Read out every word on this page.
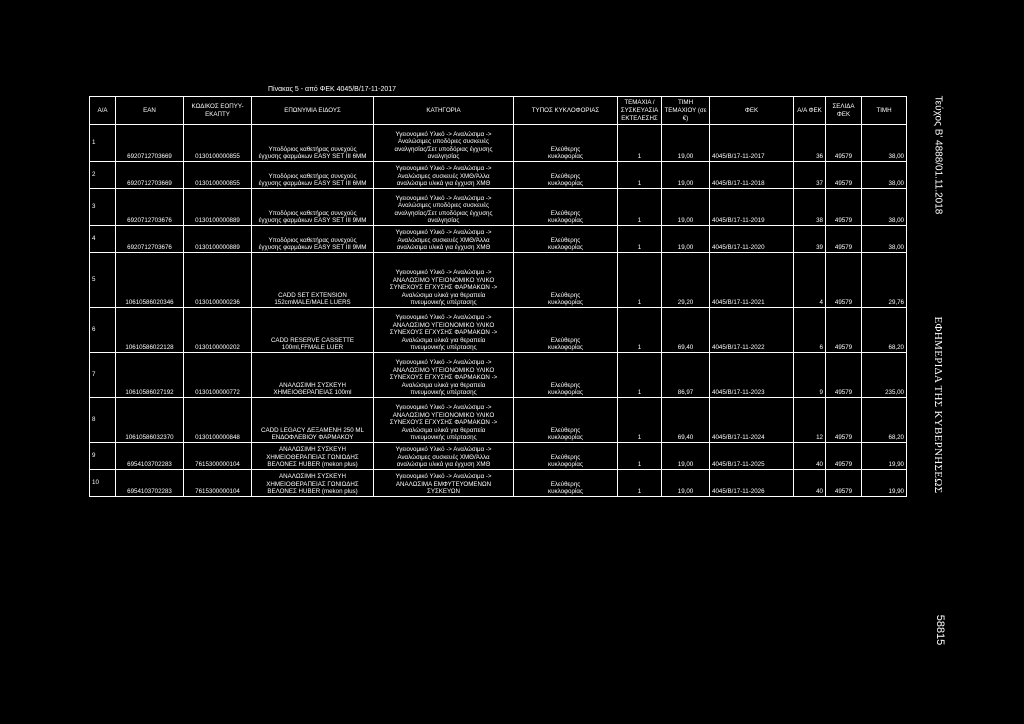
Πίνακας 5 - από ΦΕΚ 4045/Β/17-11-2017
Α/Α	EAN	ΚΩΔΙΚΟΣ ΕΟΠΥΥ-ΕΚΑΠΤΥ	ΕΠΩΝΥΜΙΑ ΕΙΔΟΥΣ	ΚΑΤΗΓΟΡΙΑ	ΤΥΠΟΣ ΚΥΚΛΟΦΟΡΙΑΣ	ΤΕΜΑΧΙΑ / ΣΥΣΚΕΥΑΣΙΑ ΕΚΤΕΛΕΣΗΣ	ΤΙΜΗ ΤΕΜΑΧΙΟΥ (σε €)	ΦΕΚ	Α/Α ΦΕΚ	ΣΕΛΙΔΑ ΦΕΚ	ΤΙΜΗ
1	6920712703669	0130100000855	Υποδόριος καθετήρας συνεχούς
έγχυσης φαρμάκων EASY SET III 6MM	Υγειονομικό Υλικό -> Αναλώσιμα ->
Αναλώσιμες υποδόριες συσκευές
αναλγησίας/Σετ υποδόριας έγχυσης
αναλγησίας	Ελεύθερης
κυκλοφορίας	1	19,00	4045/Β/17-11-2017	36	49579	38,00
2	6920712703669	0130100000855	Υποδόριος καθετήρας συνεχούς
έγχυσης φαρμάκων EASY SET III 6MM	Υγειονομικό Υλικό -> Αναλώσιμα ->
Αναλώσιμες συσκευές ΧΜΘ/Άλλα
αναλώσιμα υλικά για έγχυση ΧΜΘ	Ελεύθερης
κυκλοφορίας	1	19,00	4045/Β/17-11-2018	37	49579	38,00
3	6920712703676	0130100000889	Υποδόριος καθετήρας συνεχούς
έγχυσης φαρμάκων EASY SET III 9MM	Υγειονομικό Υλικό -> Αναλώσιμα ->
Αναλώσιμες υποδόριες συσκευές
αναλγησίας/Σετ υποδόριας έγχυσης
αναλγησίας	Ελεύθερης
κυκλοφορίας	1	19,00	4045/Β/17-11-2019	38	49579	38,00
4	6920712703676	0130100000889	Υποδόριος καθετήρας συνεχούς
έγχυσης φαρμάκων EASY SET III 9MM	Υγειονομικό Υλικό -> Αναλώσιμα ->
Αναλώσιμες συσκευές ΧΜΘ/Άλλα
αναλώσιμα υλικά για έγχυση ΧΜΘ	Ελεύθερης
κυκλοφορίας	1	19,00	4045/Β/17-11-2020	39	49579	38,00
5	10610586020346	0130100000236	CADD SET EXTENSION
152cmMALE/MALE LUERS	Υγειονομικό Υλικό -> Αναλώσιμα ->
ΑΝΑΛΩΣΙΜΟ ΥΓΕΙΟΝΟΜΙΚΟ ΥΛΙΚΟ
ΣΥΝΕΧΟΥΣ ΕΓΧΥΣΗΣ ΦΑΡΜΑΚΩΝ ->
Αναλώσιμα υλικά για θεραπεία
πνευμονικής υπέρτασης	Ελεύθερης
κυκλοφορίας	1	29,20	4045/Β/17-11-2021	4	49579	29,76
6	10610586022128	0130100000202	CADD RESERVE CASSETTE
100ml,FFMALE LUER	Υγειονομικό Υλικό -> Αναλώσιμα ->
ΑΝΑΛΩΣΙΜΟ ΥΓΕΙΟΝΟΜΙΚΟ ΥΛΙΚΟ
ΣΥΝΕΧΟΥΣ ΕΓΧΥΣΗΣ ΦΑΡΜΑΚΩΝ ->
Αναλώσιμα υλικά για θεραπεία
πνευμονικής υπέρτασης	Ελεύθερης
κυκλοφορίας	1	69,40	4045/Β/17-11-2022	6	49579	68,20
7	10610586027192	0130100000772	ΑΝΑΛΩΣΙΜΗ ΣΥΣΚΕΥΗ
ΧΗΜΕΙΟΘΕΡΑΠΕΙΑΣ 100ml	Υγειονομικό Υλικό -> Αναλώσιμα ->
ΑΝΑΛΩΣΙΜΟ ΥΓΕΙΟΝΟΜΙΚΟ ΥΛΙΚΟ
ΣΥΝΕΧΟΥΣ ΕΓΧΥΣΗΣ ΦΑΡΜΑΚΩΝ ->
Αναλώσιμα υλικά για θεραπεία
πνευμονικής υπέρτασης	Ελεύθερης
κυκλοφορίας	1	86,97	4045/Β/17-11-2023	9	49579	235,00
8	10610586032370	0130100000848	CADD LEGACY ΔΕΞΑΜΕΝΗ 250 ML
ΕΝΔΟΦΛΕΒΙΟΥ ΦΑΡΜΑΚΟΥ	Υγειονομικό Υλικό -> Αναλώσιμα ->
ΑΝΑΛΩΣΙΜΟ ΥΓΕΙΟΝΟΜΙΚΟ ΥΛΙΚΟ
ΣΥΝΕΧΟΥΣ ΕΓΧΥΣΗΣ ΦΑΡΜΑΚΩΝ ->
Αναλώσιμα υλικά για θεραπεία
πνευμονικής υπέρτασης	Ελεύθερης
κυκλοφορίας	1	69,40	4045/Β/17-11-2024	12	49579	68,20
9	6954103702283	7615300000104	ΑΝΑΛΩΣΙΜΗ ΣΥΣΚΕΥΗ
ΧΗΜΕΙΟΘΕΡΑΠΕΙΑΣ ΓΩΝΙΩΔΗΣ
ΒΕΛΟΝΕΣ HUBER (mekon plus)	Υγειονομικό Υλικό -> Αναλώσιμα ->
Αναλώσιμες συσκευές ΧΜΘ/Άλλα
αναλώσιμα υλικά για έγχυση ΧΜΘ	Ελεύθερης
κυκλοφορίας	1	19,00	4045/Β/17-11-2025	40	49579	19,90
10	6954103702283	7615300000104	ΑΝΑΛΩΣΙΜΗ ΣΥΣΚΕΥΗ
ΧΗΜΕΙΟΘΕΡΑΠΕΙΑΣ ΓΩΝΙΩΔΗΣ
ΒΕΛΟΝΕΣ HUBER (mekon plus)	Υγειονομικό Υλικό -> Αναλώσιμα ->
ΑΝΑΛΩΣΙΜΑ ΕΜΦΥΤΕΥΟΜΕΝΩΝ
ΣΥΣΚΕΥΩΝ	Ελεύθερης
κυκλοφορίας	1	19,00	4045/Β/17-11-2026	40	49579	19,90
Τεύχος Β’ 4888/01.11.2018
ΕΦΗΜΕΡΙΔΑ ΤΗΣ ΚΥΒΕΡΝΗΣΕΩΣ
58815
